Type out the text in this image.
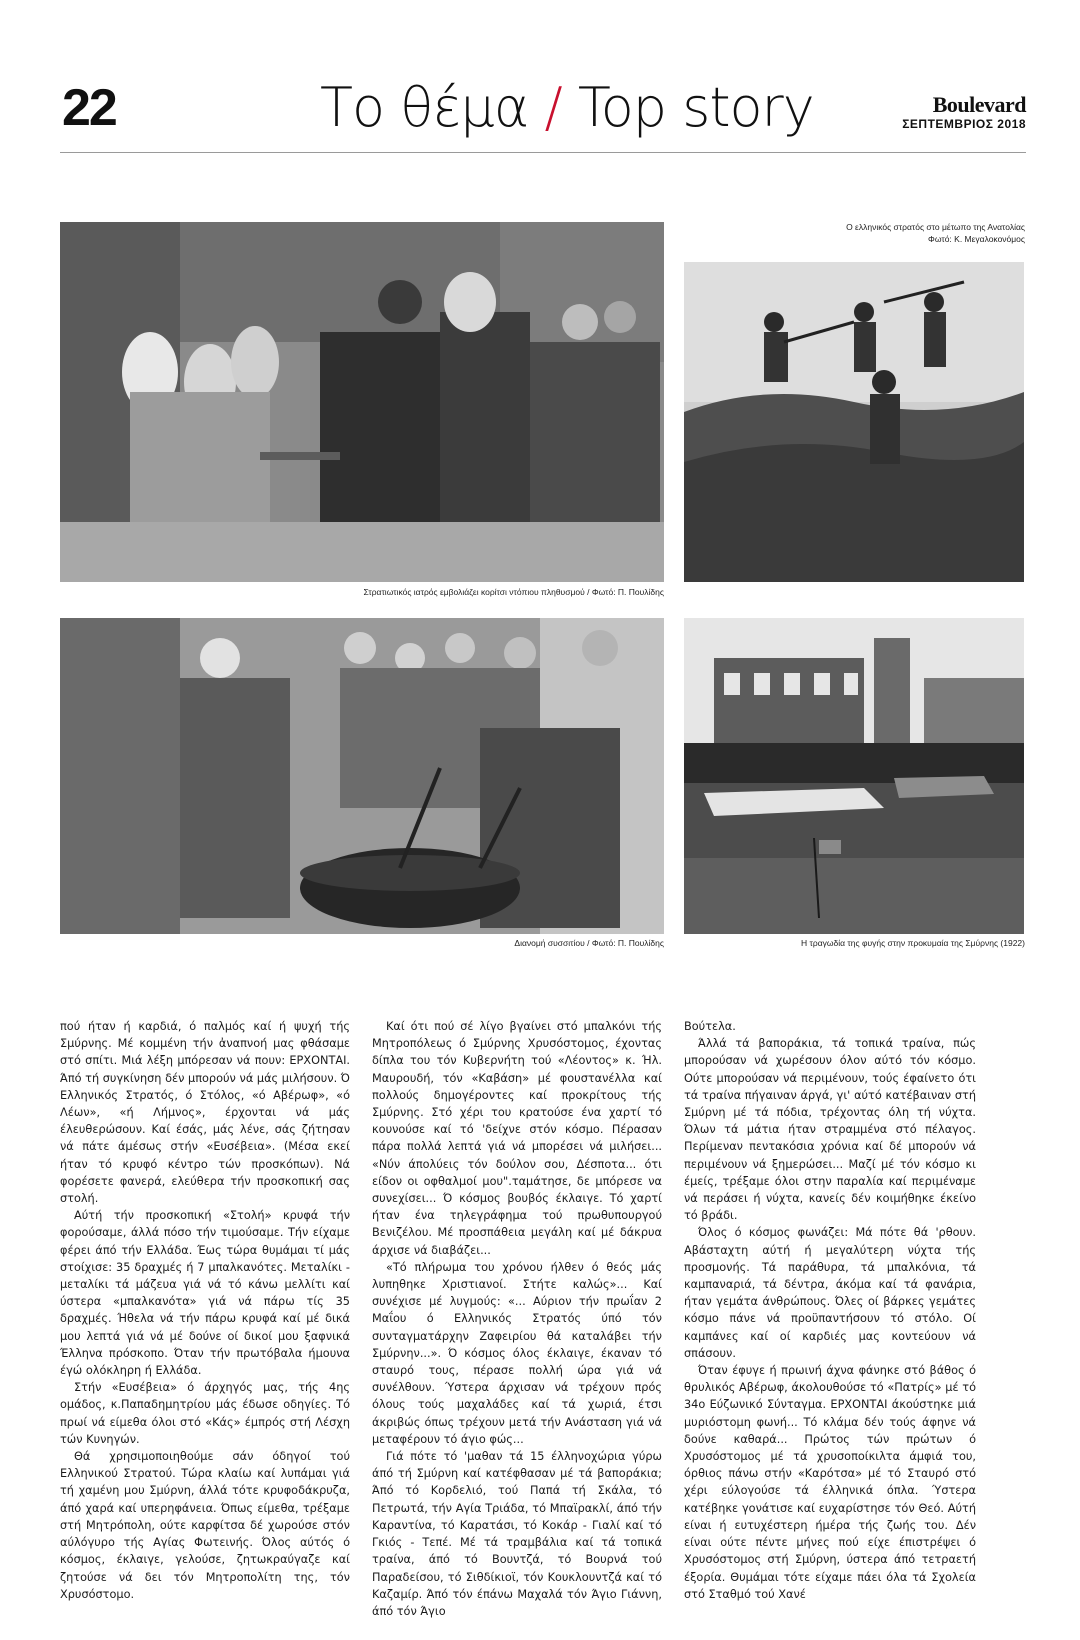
22	Το θέμα / Top story	Boulevard
ΣΕΠΤΕΜΒΡΙΟΣ 2018
Στρατιωτικός ιατρός εμβολιάζει κορίτσι ντόπιου πληθυσμού / Φωτό: Π. Πουλίδης
Ο ελληνικός στρατός στο μέτωπο της Ανατολίας
Φωτό: Κ. Μεγαλοκονόμος
Διανομή συσσιτίου / Φωτό: Π. Πουλίδης	Η τραγωδία της φυγής στην προκυμαία της Σμύρνης (1922)

πού ήταν ή καρδιά, ό παλμός καί ή ψυχή τής Σμύρνης. Μέ κομμένη τήν ἀναπνοή μας φθάσαμε στό σπίτι. Μιά λέξη μπόρεσαν νά πουν: ΕΡΧΟΝΤΑΙ. Άπό τή συγκίνηση δέν μπορούν νά μάς μιλήσουν. Ό Ελληνικός Στρατός, ό Στόλος, «ό Αβέρωφ», «ό Λέων», «ή Λήμνος», έρχονται νά μάς έλευθερώσουν. Καί έσάς, μάς λένε, σάς ζήτησαν νά πάτε άμέσως στήν «Ευσέβεια». (Μέσα εκεί ήταν τό κρυφό κέντρο τών προσκόπων). Νά φορέσετε φανερά, ελεύθερα τήν προσκοπική σας στολή.

Αύτή τήν προσκοπική «Στολή» κρυφά τήν φορούσαμε, άλλά πόσο τήν τιμούσαμε. Τήν είχαμε φέρει άπό τήν Ελλάδα. Έως τώρα θυμάμαι τί μάς στοίχισε: 35 δραχμές ή 7 μπαλκανότες. Μεταλίκι - μεταλίκι τά μάζευα γιά νά τό κάνω μελλίτι καί ύστερα «μπαλκανότα» γιά νά πάρω τίς 35 δραχμές. Ήθελα νά τήν πάρω κρυφά καί μέ δικά μου λεπτά γιά νά μέ δούνε οί δικοί μου ξαφνικά Έλληνα πρόσκοπο. Όταν τήν πρωτόβαλα ήμουνα έγώ ολόκληρη ή Ελλάδα.

Στήν «Ευσέβεια» ό άρχηγός μας, τής 4ης ομάδος, κ.Παπαδημητρίου μάς έδωσε οδηγίες. Τό πρωί νά είμεθα όλοι στό «Κάς» έμπρός στή Λέσχη τών Κυνηγών.

Θά χρησιμοποιηθούμε σάν όδηγοί τού Ελληνικού Στρατού. Τώρα κλαίω καί λυπάμαι γιά τή χαμένη μου Σμύρνη, άλλά τότε κρυφοδάκρυζα, άπό χαρά καί υπερηφάνεια. Όπως είμεθα, τρέξαμε στή Μητρόπολη, ούτε καρφίτσα δέ χωρούσε στόν αύλόγυρο τής Αγίας Φωτεινής. Όλος αύτός ό κόσμος, έκλαιγε, γελούσε, ζητωκραύγαζε καί ζητούσε νά δει τόν Μητροπολίτη της, τόν Χρυσόστομο.

Καί ότι πού σέ λίγο βγαίνει στό μπαλκόνι τής Μητροπόλεως ό Σμύρνης Χρυσόστομος, έχοντας δίπλα του τόν Κυβερνήτη τού «Λέοντος» κ. Ήλ. Μαυρουδή, τόν «Καβάση» μέ φουστανέλλα καί πολλούς δημογέροντες καί προκρίτους τής Σμύρνης. Στό χέρι του κρατούσε ένα χαρτί τό κουνούσε καί τό 'δείχνε στόν κόσμο. Πέρασαν πάρα πολλά λεπτά γιά νά μπορέσει νά μιλήσει... «Νύν άπολύεις τόν δούλον σου, Δέσποτα... ότι είδον οι οφθαλμοί μου".ταμάτησε, δε μπόρεσε να συνεχίσει... Ό κόσμος βουβός έκλαιγε. Τό χαρτί ήταν ένα τηλεγράφημα τού πρωθυπουργού Βενιζέλου. Μέ προσπάθεια μεγάλη καί μέ δάκρυα άρχισε νά διαβάζει...

«Τό πλήρωμα του χρόνου ήλθεν ό θεός μάς λυπηθηκε Χριστιανοί. Στήτε καλώς»... Καί συνέχισε μέ λυγμούς: «... Αύριον τήν πρωΐαν 2 Μαΐου ό Ελληνικός Στρατός ύπό τόν συνταγματάρχην Ζαφειρίου θά καταλάβει τήν Σμύρνην...». Ό κόσμος όλος έκλαιγε, έκαναν τό σταυρό τους, πέρασε πολλή ώρα γιά νά συνέλθουν. Ύστερα άρχισαν νά τρέχουν πρός όλους τούς μαχαλάδες καί τά χωριά, έτσι άκριβώς όπως τρέχουν μετά τήν Ανάσταση γιά νά μεταφέρουν τό άγιο φώς...

Γιά πότε τό 'μαθαν τά 15 έλληνοχώρια γύρω άπό τή Σμύρνη καί κατέφθασαν μέ τά βαποράκια; Άπό τό Κορδελιό, τού Παπά τή Σκάλα, τό Πετρωτά, τήν Αγία Τριάδα, τό Μπαϊρακλί, άπό τήν Καραντίνα, τό Καρατάσι, τό Κοκάρ - Γιαλί καί τό Γκιός - Τεπέ. Μέ τά τραμβάλια καί τά τοπικά τραίνα, άπό τό Βουντζά, τό Βουρνά τού Παραδείσου, τό Σιθδίκιοϊ, τόν Κουκλουντζά καί τό Καζαμίρ. Άπό τόν έπάνω Μαχαλά τόν Άγιο Γιάννη, άπό τόν Άγιο

Βούτελα.

Άλλά τά βαποράκια, τά τοπικά τραίνα, πώς μπορούσαν νά χωρέσουν όλον αύτό τόν κόσμο. Ούτε μπορούσαν νά περιμένουν, τούς έφαίνετο ότι τά τραίνα πήγαιναν άργά, γι' αύτό κατέβαιναν στή Σμύρνη μέ τά πόδια, τρέχοντας όλη τή νύχτα. Όλων τά μάτια ήταν στραμμένα στό πέλαγος. Περίμεναν πεντακόσια χρόνια καί δέ μπορούν νά περιμένουν νά ξημερώσει... Μαζί μέ τόν κόσμο κι έμείς, τρέξαμε όλοι στην παραλία καί περιμέναμε νά περάσει ή νύχτα, κανείς δέν κοιμήθηκε έκείνο τό βράδι.

Όλος ό κόσμος φωνάζει: Μά πότε θά 'ρθουν. Αβάσταχτη αύτή ή μεγαλύτερη νύχτα τής προσμονής. Τά παράθυρα, τά μπαλκόνια, τά καμπαναριά, τά δέντρα, άκόμα καί τά φανάρια, ήταν γεμάτα άνθρώπους. Όλες οί βάρκες γεμάτες κόσμο πάνε νά προϋπαντήσουν τό στόλο. Οί καμπάνες καί οί καρδιές μας κοντεύουν νά σπάσουν.

Όταν έφυγε ή πρωινή άχνα φάνηκε στό βάθος ό θρυλικός Αβέρωφ, άκολουθούσε τό «Πατρίς» μέ τό 34ο Εύζωνικό Σύνταγμα. ΕΡΧΟΝΤΑΙ άκούστηκε μιά μυριόστομη φωνή... Τό κλάμα δέν τούς άφηνε νά δούνε καθαρά... Πρώτος τών πρώτων ό Χρυσόστομος μέ τά χρυσοποίκιλτα άμφιά του, όρθιος πάνω στήν «Καρότσα» μέ τό Σταυρό στό χέρι εύλογούσε τά έλληνικά όπλα. Ύστερα κατέβηκε γονάτισε καί ευχαρίστησε τόν Θεό. Αύτή είναι ή ευτυχέστερη ήμέρα τής ζωής του. Δέν είναι ούτε πέντε μήνες πού είχε έπιστρέψει ό Χρυσόστομος στή Σμύρνη, ύστερα άπό τετραετή έξορία. Θυμάμαι τότε είχαμε πάει όλα τά Σχολεία στό Σταθμό τού Χανέ
